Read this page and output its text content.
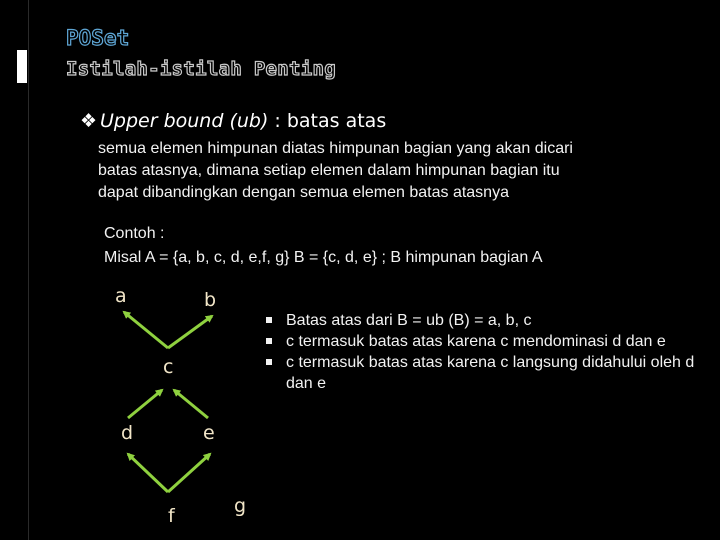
POSet
Istilah-istilah Penting
❖ Upper bound (ub) : batas atas
semua elemen himpunan diatas himpunan bagian yang akan dicari
batas atasnya, dimana setiap elemen dalam himpunan bagian itu
dapat dibandingkan dengan semua elemen batas atasnya
Contoh :
Misal A = {a, b, c, d, e,f, g} B = {c, d, e} ; B himpunan bagian A
a	b
c
d	e
f	g
Batas atas dari B = ub (B) = a, b, c
c termasuk batas atas karena c mendominasi d dan e
c termasuk batas atas karena c langsung didahului oleh d dan e
